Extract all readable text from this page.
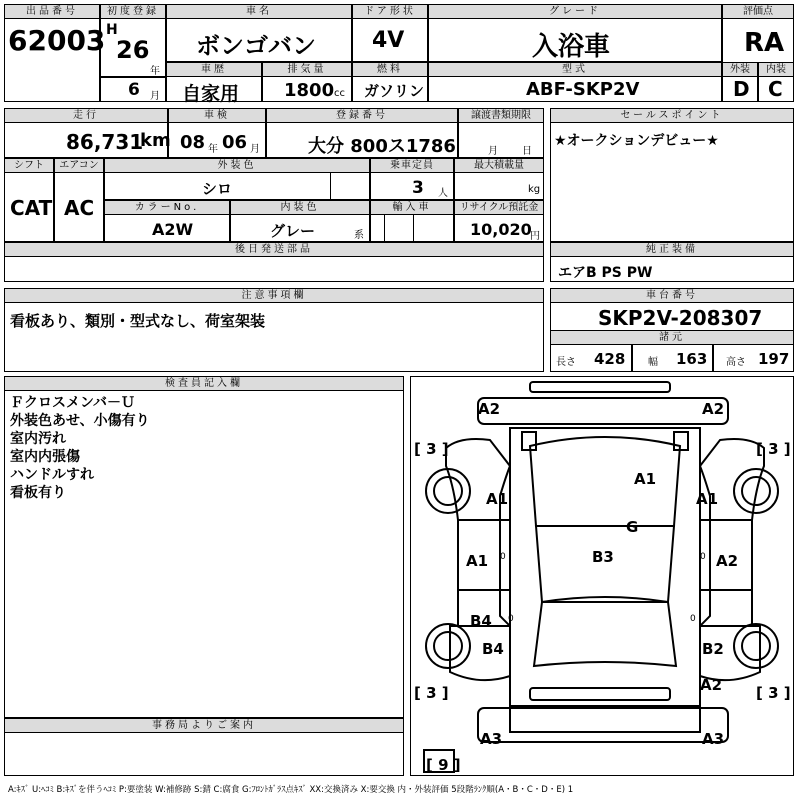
出品番号
62003
初度登録
H
26
年
6 月
車名
ボンゴバン
ドア形状
4V
グレード
入浴車
評価点
RA
外装	内装
D C
車歴
自家用
排気量
1800 cc
燃料
ガソリン
型式
ABF-SKP2V
走行
86,731
km
車検
08 年 06 月
登録番号
大分 800ス1786
譲渡書類期限
月 日
セールスポイント
★オークションデビュー★
シフト
CAT
エアコン
AC
外装色
シロ
乗車定員
3 人
最大積載量
kg
カラーNo.
A2W
内装色
グレー	系
輸入車	リサイクル預託金
10,020
円
後日発送部品	純正装備
エアB PS PW
注意事項欄
看板あり、類別・型式なし、荷室架装
車台番号
SKP2V-208307
諸元
長さ 428 幅 163 高さ 197
検査員記入欄
Ｆクロスメンバ－Ｕ
外装色あせ、小傷有り
室内汚れ
室内内張傷
ハンドルすれ
看板有り
事務局よりご案内
[ 3 ]	[ 3 ]
[ 3 ]	[ 3 ]
[ 9 ]
A2	A2
A1
A1	A1
G
A1	A2
B3
B4
B4	B2
A2
A3	A3
0	0
0	0
A:ｷｽﾞ U:ﾍｺﾐ B:ｷｽﾞを伴うﾍｺﾐ P:要塗装 W:補修跡 S:錆 C:腐食 G:ﾌﾛﾝﾄｶﾞﾗｽ点ｷｽﾞ XX:交換済み X:要交換 内・外装評価 5段階ﾗﾝｸ順(A・B・C・D・E) 1
